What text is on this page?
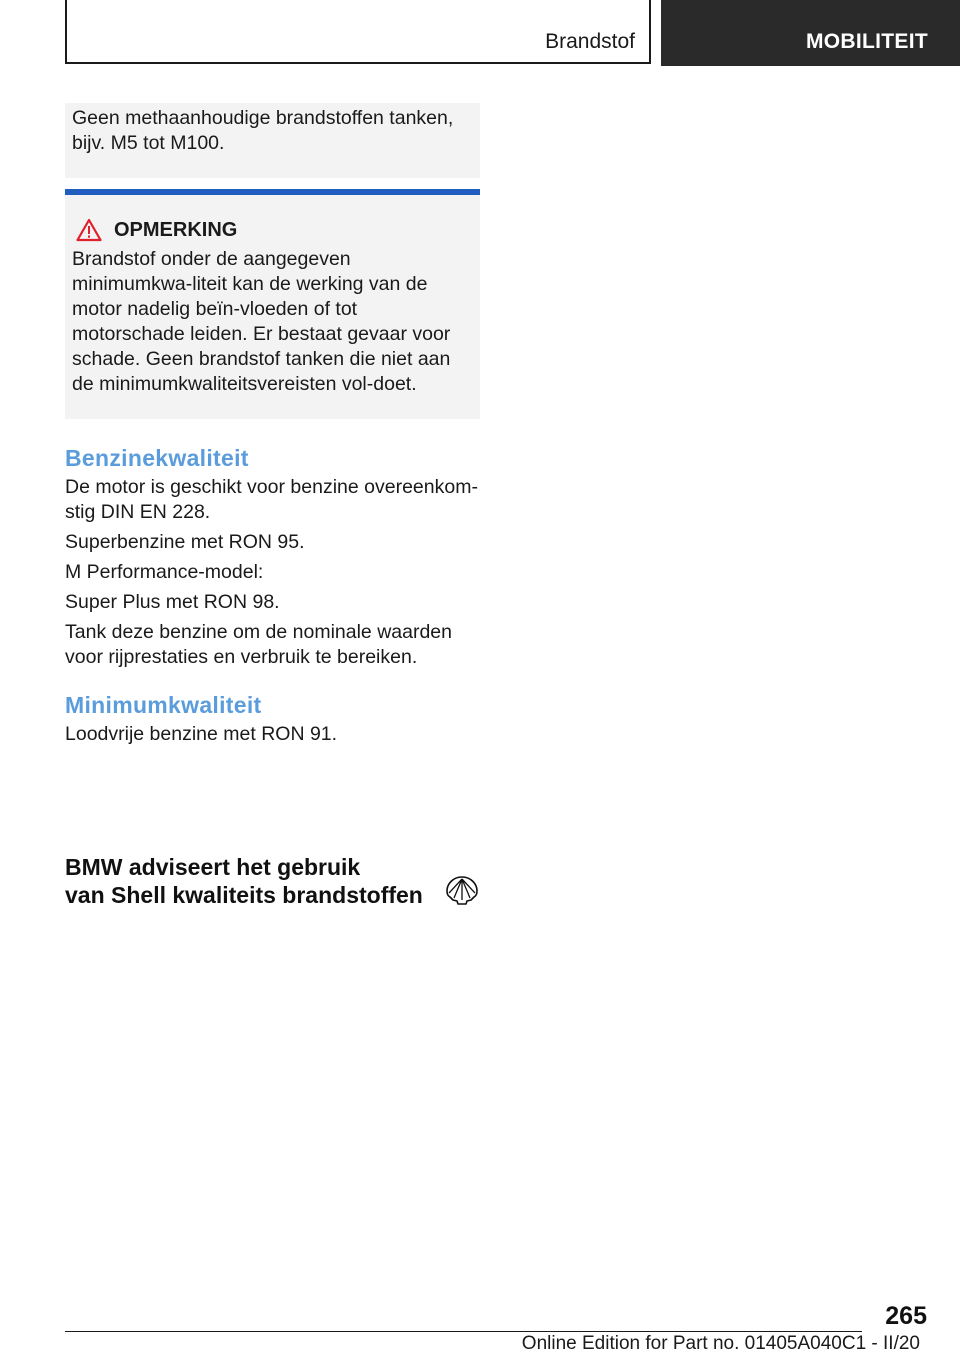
Brandstof	MOBILITEIT
Geen methaanhoudige brandstoffen tanken, bijv. M5 tot M100.
OPMERKING
Brandstof onder de aangegeven minimumkwa-liteit kan de werking van de motor nadelig beïn-vloeden of tot motorschade leiden. Er bestaat gevaar voor schade. Geen brandstof tanken die niet aan de minimumkwaliteitsvereisten vol-doet.
Benzinekwaliteit

De motor is geschikt voor benzine overeenkom-stig DIN EN 228.

Superbenzine met RON 95.

M Performance-model:

Super Plus met RON 98.

Tank deze benzine om de nominale waarden voor rijprestaties en verbruik te bereiken.

Minimumkwaliteit

Loodvrije benzine met RON 91.

BMW adviseert het gebruik
van Shell kwaliteits brandstoffen
265
Online Edition for Part no. 01405A040C1 - II/20
